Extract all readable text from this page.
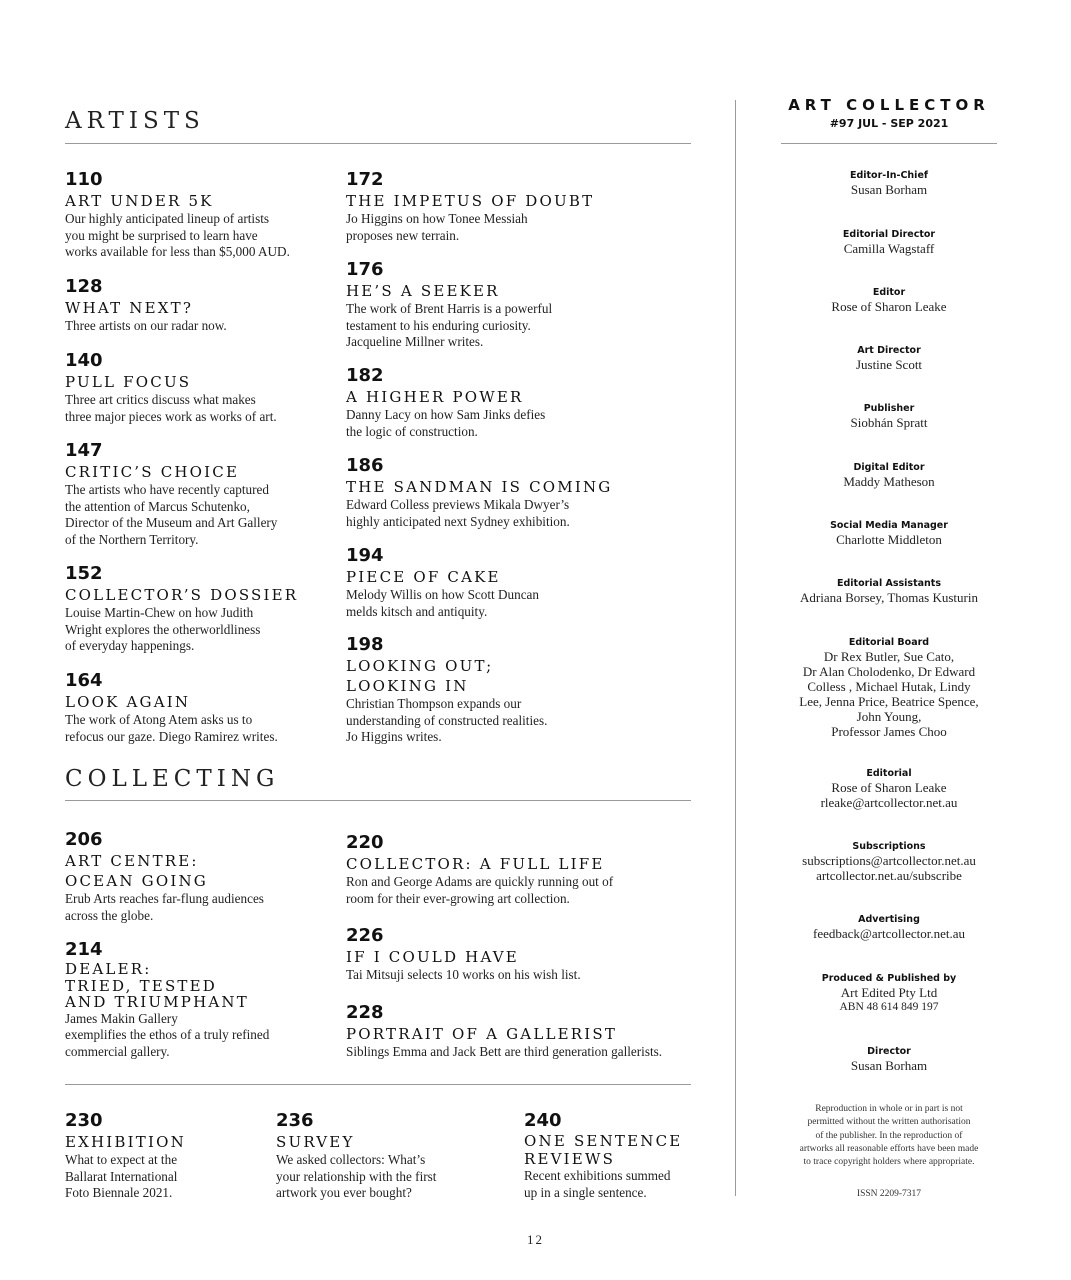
ARTISTS
COLLECTING
110
ART UNDER 5K
Our highly anticipated lineup of artists
you might be surprised to learn have
works available for less than $5,000 AUD.
128
WHAT NEXT?
Three artists on our radar now.
140
PULL FOCUS
Three art critics discuss what makes
three major pieces work as works of art.
147
CRITIC’S CHOICE
The artists who have recently captured
the attention of Marcus Schutenko,
Director of the Museum and Art Gallery
of the Northern Territory.
152
COLLECTOR’S DOSSIER
Louise Martin-Chew on how Judith
Wright explores the otherworldliness
of everyday happenings.
164
LOOK AGAIN
The work of Atong Atem asks us to
refocus our gaze. Diego Ramirez writes.
172
THE IMPETUS OF DOUBT
Jo Higgins on how Tonee Messiah
proposes new terrain.
176
HE’S A SEEKER
The work of Brent Harris is a powerful
testament to his enduring curiosity.
Jacqueline Millner writes.
182
A HIGHER POWER
Danny Lacy on how Sam Jinks defies
the logic of construction.
186
THE SANDMAN IS COMING
Edward Colless previews Mikala Dwyer’s
highly anticipated next Sydney exhibition.
194
PIECE OF CAKE
Melody Willis on how Scott Duncan
melds kitsch and antiquity.
198
LOOKING OUT;
LOOKING IN
Christian Thompson expands our
understanding of constructed realities.
Jo Higgins writes.
206
ART CENTRE:
OCEAN GOING
Erub Arts reaches far-flung audiences
across the globe.
214
DEALER:
TRIED, TESTED
AND TRIUMPHANT
James Makin Gallery
exemplifies the ethos of a truly refined
commercial gallery.
220
COLLECTOR: A FULL LIFE
Ron and George Adams are quickly running out of
room for their ever-growing art collection.
226
IF I COULD HAVE
Tai Mitsuji selects 10 works on his wish list.
228
PORTRAIT OF A GALLERIST
Siblings Emma and Jack Bett are third generation gallerists.
230
EXHIBITION
What to expect at the
Ballarat International
Foto Biennale 2021.
236
SURVEY
We asked collectors: What’s
your relationship with the first
artwork you ever bought?
240
ONE SENTENCE
REVIEWS
Recent exhibitions summed
up in a single sentence.
ART COLLECTOR
#97 JUL - SEP 2021
Editor-In-Chief
Susan Borham
Editorial Director
Camilla Wagstaff
Editor
Rose of Sharon Leake
Art Director
Justine Scott
Publisher
Siobhán Spratt
Digital Editor
Maddy Matheson
Social Media Manager
Charlotte Middleton
Editorial Assistants
Adriana Borsey, Thomas Kusturin
Editorial Board
Dr Rex Butler, Sue Cato,
Dr Alan Cholodenko, Dr Edward
Colless , Michael Hutak, Lindy
Lee, Jenna Price, Beatrice Spence,
John Young,
Professor James Choo
Editorial
Rose of Sharon Leake
rleake@artcollector.net.au
Subscriptions
subscriptions@artcollector.net.au
artcollector.net.au/subscribe
Advertising
feedback@artcollector.net.au
Produced & Published by
Art Edited Pty Ltd
ABN 48 614 849 197
Director
Susan Borham
Reproduction in whole or in part is not
permitted without the written authorisation
of the publisher. In the reproduction of
artworks all reasonable efforts have been made
to trace copyright holders where appropriate.
ISSN 2209-7317
12
